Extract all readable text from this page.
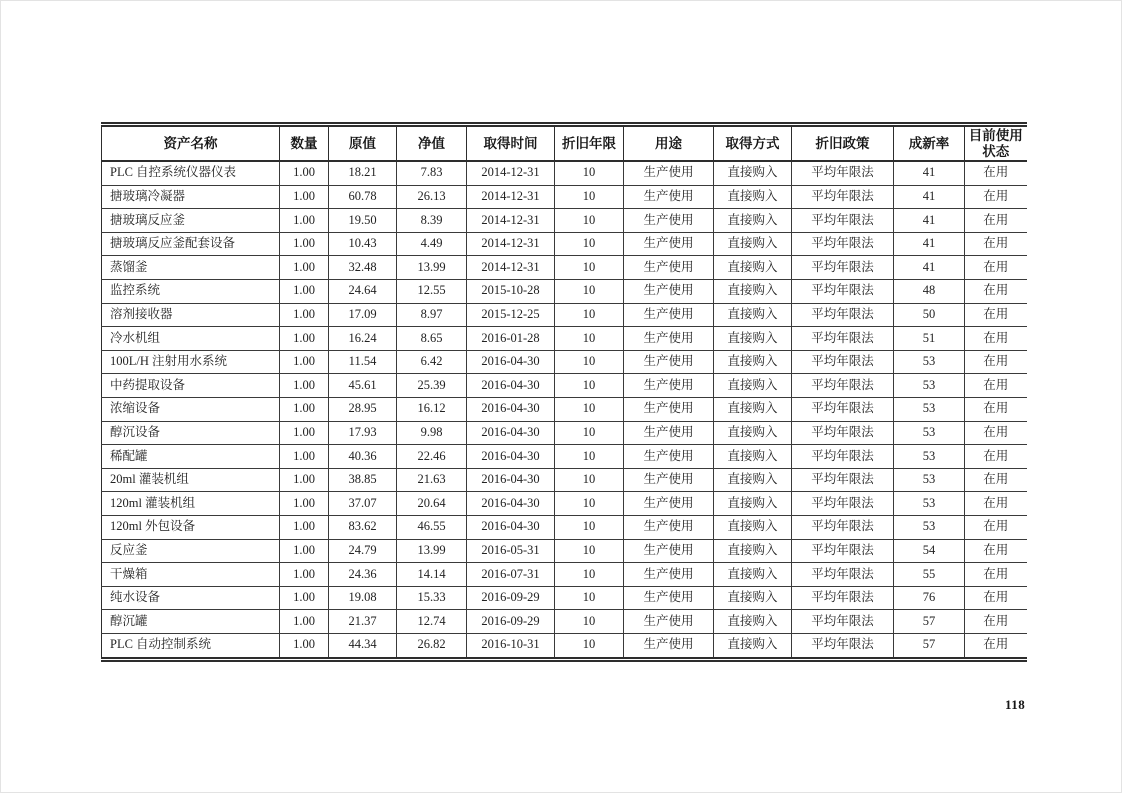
资产名称	数量	原值	净值	取得时间	折旧年限	用途	取得方式	折旧政策	成新率	目前使用状态
PLC 自控系统仪器仪表	1.00	18.21	7.83	2014-12-31	10	生产使用	直接购入	平均年限法	41	在用
搪玻璃冷凝器	1.00	60.78	26.13	2014-12-31	10	生产使用	直接购入	平均年限法	41	在用
搪玻璃反应釜	1.00	19.50	8.39	2014-12-31	10	生产使用	直接购入	平均年限法	41	在用
搪玻璃反应釜配套设备	1.00	10.43	4.49	2014-12-31	10	生产使用	直接购入	平均年限法	41	在用
蒸馏釜	1.00	32.48	13.99	2014-12-31	10	生产使用	直接购入	平均年限法	41	在用
监控系统	1.00	24.64	12.55	2015-10-28	10	生产使用	直接购入	平均年限法	48	在用
溶剂接收器	1.00	17.09	8.97	2015-12-25	10	生产使用	直接购入	平均年限法	50	在用
冷水机组	1.00	16.24	8.65	2016-01-28	10	生产使用	直接购入	平均年限法	51	在用
100L/H 注射用水系统	1.00	11.54	6.42	2016-04-30	10	生产使用	直接购入	平均年限法	53	在用
中药提取设备	1.00	45.61	25.39	2016-04-30	10	生产使用	直接购入	平均年限法	53	在用
浓缩设备	1.00	28.95	16.12	2016-04-30	10	生产使用	直接购入	平均年限法	53	在用
醇沉设备	1.00	17.93	9.98	2016-04-30	10	生产使用	直接购入	平均年限法	53	在用
稀配罐	1.00	40.36	22.46	2016-04-30	10	生产使用	直接购入	平均年限法	53	在用
20ml 灌装机组	1.00	38.85	21.63	2016-04-30	10	生产使用	直接购入	平均年限法	53	在用
120ml 灌装机组	1.00	37.07	20.64	2016-04-30	10	生产使用	直接购入	平均年限法	53	在用
120ml 外包设备	1.00	83.62	46.55	2016-04-30	10	生产使用	直接购入	平均年限法	53	在用
反应釜	1.00	24.79	13.99	2016-05-31	10	生产使用	直接购入	平均年限法	54	在用
干燥箱	1.00	24.36	14.14	2016-07-31	10	生产使用	直接购入	平均年限法	55	在用
纯水设备	1.00	19.08	15.33	2016-09-29	10	生产使用	直接购入	平均年限法	76	在用
醇沉罐	1.00	21.37	12.74	2016-09-29	10	生产使用	直接购入	平均年限法	57	在用
PLC 自动控制系统	1.00	44.34	26.82	2016-10-31	10	生产使用	直接购入	平均年限法	57	在用
118
